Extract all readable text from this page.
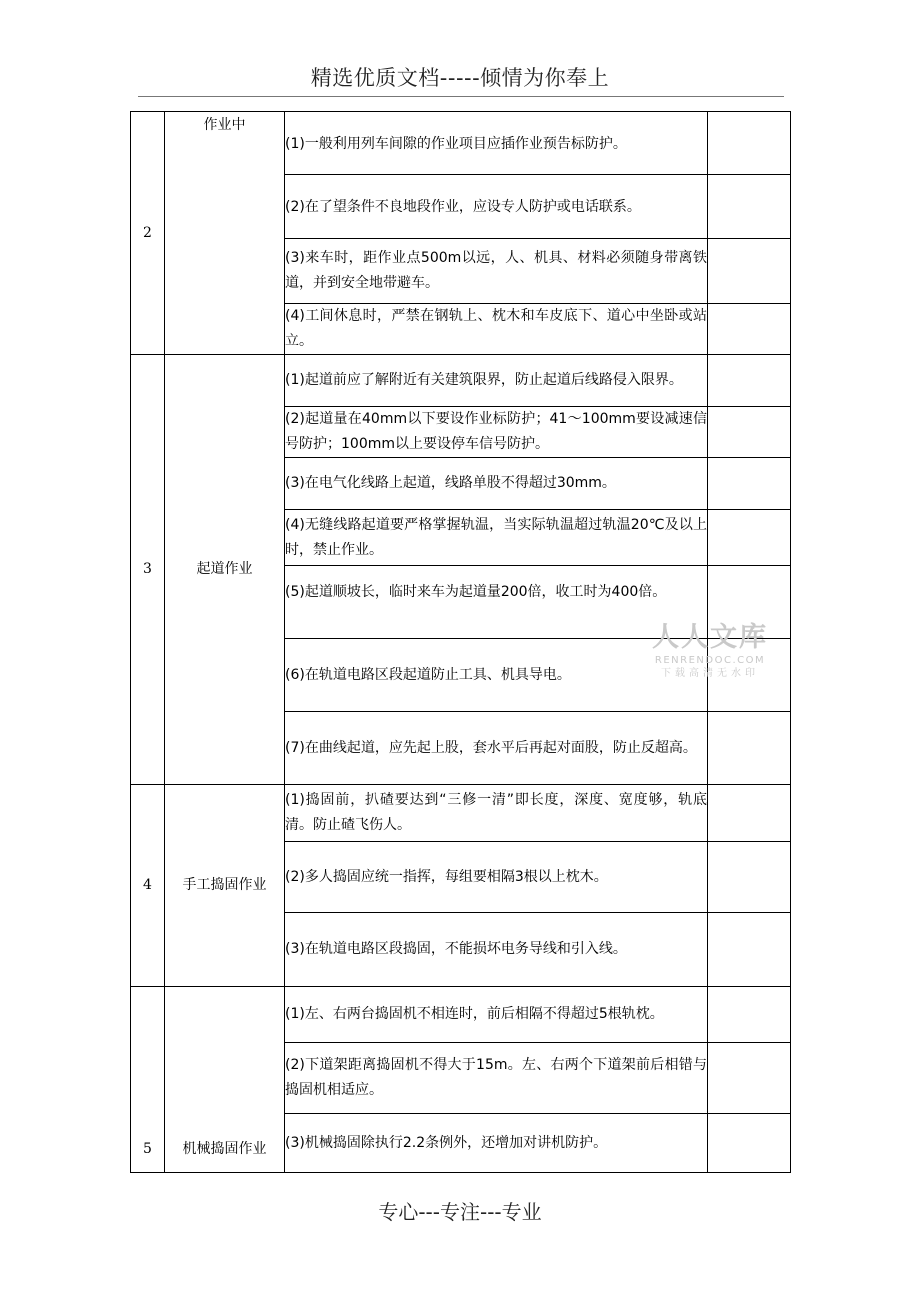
精选优质文档-----倾情为你奉上
2	作业中	(1)一般利用列车间隙的作业项目应插作业预告标防护。	
		(2)在了望条件不良地段作业，应设专人防护或电话联系。	
		(3)来车时，距作业点500m以远，人、机具、材料必须随身带离铁道，并到安全地带避车。	
		(4)工间休息时，严禁在钢轨上、枕木和车皮底下、道心中坐卧或站立。	
3	起道作业	(1)起道前应了解附近有关建筑限界，防止起道后线路侵入限界。	
		(2)起道量在40mm以下要设作业标防护；41～100mm要设减速信号防护；100mm以上要设停车信号防护。	
		(3)在电气化线路上起道，线路单股不得超过30mm。	
		(4)无缝线路起道要严格掌握轨温，当实际轨温超过轨温20℃及以上时，禁止作业。	
		(5)起道顺坡长，临时来车为起道量200倍，收工时为400倍。	
		(6)在轨道电路区段起道防止工具、机具导电。	
		(7)在曲线起道，应先起上股，套水平后再起对面股，防止反超高。	
4	手工捣固作业	(1)捣固前，扒碴要达到“三修一清”即长度，深度、宽度够，轨底清。防止碴飞伤人。	
		(2)多人捣固应统一指挥，每组要相隔3根以上枕木。	
		(3)在轨道电路区段捣固，不能损坏电务导线和引入线。	

5	机械捣固作业	(1)左、右两台捣固机不相连时，前后相隔不得超过5根轨枕。	
		(2)下道架距离捣固机不得大于15m。左、右两个下道架前后相错与捣固机相适应。	
		(3)机械捣固除执行2.2条例外，还增加对讲机防护。	
人人文库
RENRENDOC.COM
下载高清无水印
专心---专注---专业
